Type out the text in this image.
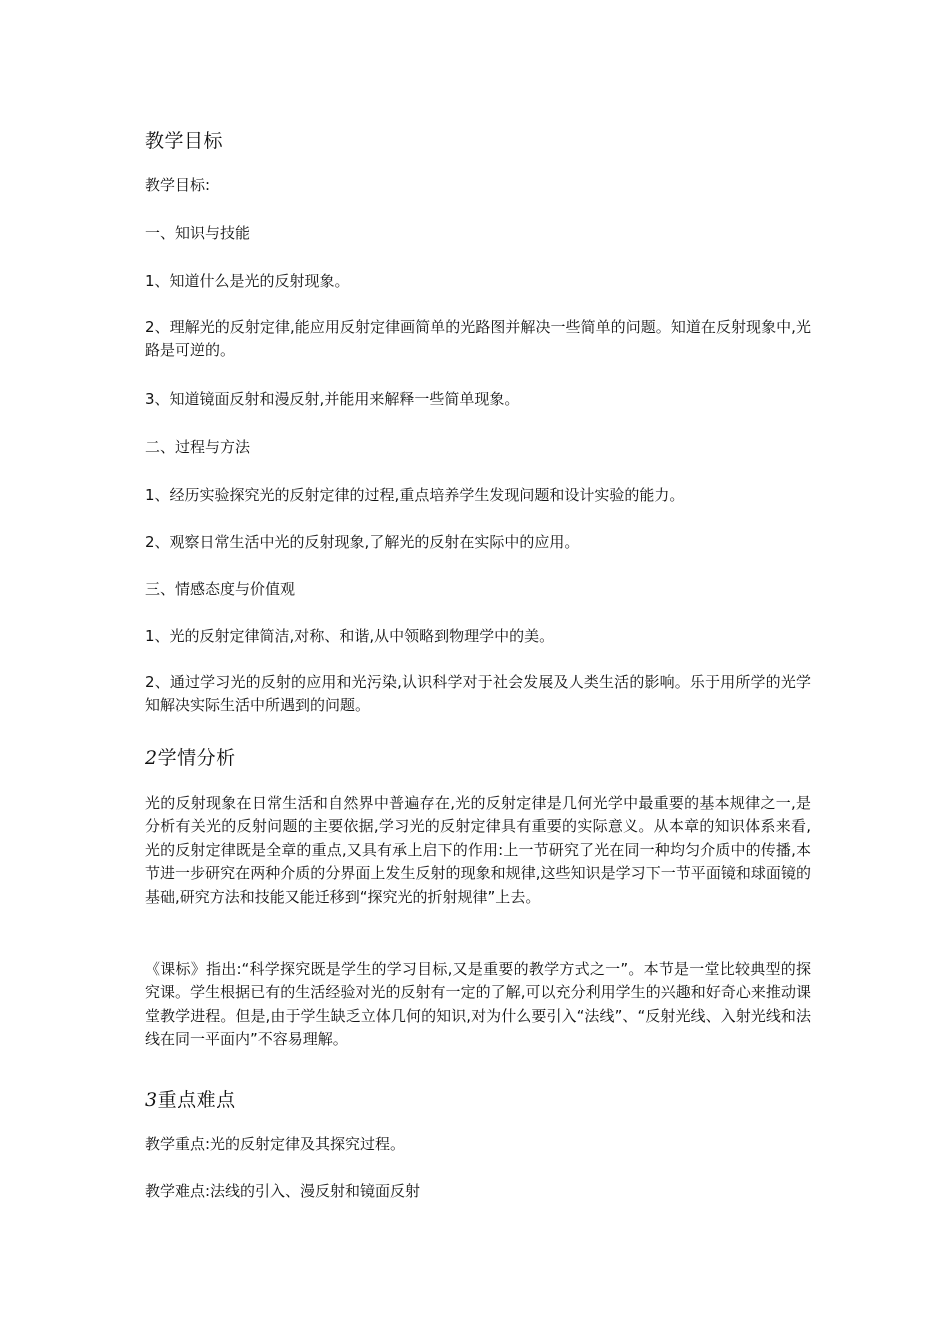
教学目标
教学目标:
一、知识与技能
1、知道什么是光的反射现象。
2、理解光的反射定律,能应用反射定律画简单的光路图并解决一些简单的问题。知道在反射现象中,光路是可逆的。
3、知道镜面反射和漫反射,并能用来解释一些简单现象。
二、过程与方法
1、经历实验探究光的反射定律的过程,重点培养学生发现问题和设计实验的能力。
2、观察日常生活中光的反射现象,了解光的反射在实际中的应用。
三、情感态度与价值观
1、光的反射定律简洁,对称、和谐,从中领略到物理学中的美。
2、通过学习光的反射的应用和光污染,认识科学对于社会发展及人类生活的影响。乐于用所学的光学知解决实际生活中所遇到的问题。
2学情分析
光的反射现象在日常生活和自然界中普遍存在,光的反射定律是几何光学中最重要的基本规律之一,是分析有关光的反射问题的主要依据,学习光的反射定律具有重要的实际意义。从本章的知识体系来看,光的反射定律既是全章的重点,又具有承上启下的作用:上一节研究了光在同一种均匀介质中的传播,本节进一步研究在两种介质的分界面上发生反射的现象和规律,这些知识是学习下一节平面镜和球面镜的基础,研究方法和技能又能迁移到“探究光的折射规律”上去。
《课标》指出:“科学探究既是学生的学习目标,又是重要的教学方式之一”。本节是一堂比较典型的探究课。学生根据已有的生活经验对光的反射有一定的了解,可以充分利用学生的兴趣和好奇心来推动课堂教学进程。但是,由于学生缺乏立体几何的知识,对为什么要引入“法线”、“反射光线、入射光线和法线在同一平面内”不容易理解。
3重点难点
教学重点:光的反射定律及其探究过程。
教学难点:法线的引入、漫反射和镜面反射
